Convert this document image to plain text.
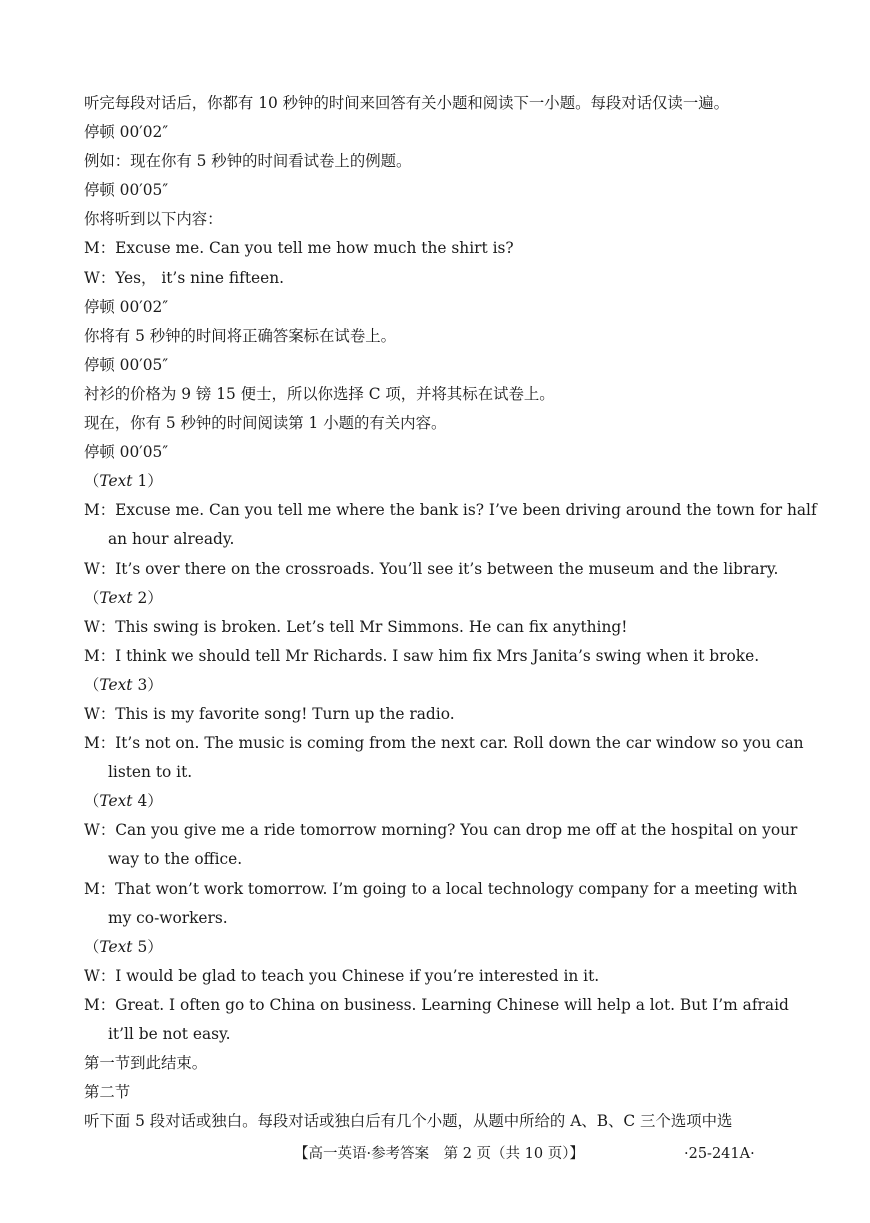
听完每段对话后，你都有 10 秒钟的时间来回答有关小题和阅读下一小题。每段对话仅读一遍。
停顿 00′02″
例如：现在你有 5 秒钟的时间看试卷上的例题。
停顿 00′05″
你将听到以下内容：
M：Excuse me. Can you tell me how much the shirt is?
W：Yes， it’s nine fifteen.
停顿 00′02″
你将有 5 秒钟的时间将正确答案标在试卷上。
停顿 00′05″
衬衫的价格为 9 镑 15 便士，所以你选择 C 项，并将其标在试卷上。
现在，你有 5 秒钟的时间阅读第 1 小题的有关内容。
停顿 00′05″
（Text 1）
M：Excuse me. Can you tell me where the bank is? I’ve been driving around the town for half
an hour already.
W：It’s over there on the crossroads. You’ll see it’s between the museum and the library.
（Text 2）
W：This swing is broken. Let’s tell Mr Simmons. He can fix anything!
M：I think we should tell Mr Richards. I saw him fix Mrs Janita’s swing when it broke.
（Text 3）
W：This is my favorite song! Turn up the radio.
M：It’s not on. The music is coming from the next car. Roll down the car window so you can
listen to it.
（Text 4）
W：Can you give me a ride tomorrow morning? You can drop me off at the hospital on your
way to the office.
M：That won’t work tomorrow. I’m going to a local technology company for a meeting with
my co-workers.
（Text 5）
W：I would be glad to teach you Chinese if you’re interested in it.
M：Great. I often go to China on business. Learning Chinese will help a lot. But I’m afraid
it’ll be not easy.
第一节到此结束。
第二节
听下面 5 段对话或独白。每段对话或独白后有几个小题，从题中所给的 A、B、C 三个选项中选
【高一英语·参考答案　第 2 页（共 10 页）】	·25-241A·
